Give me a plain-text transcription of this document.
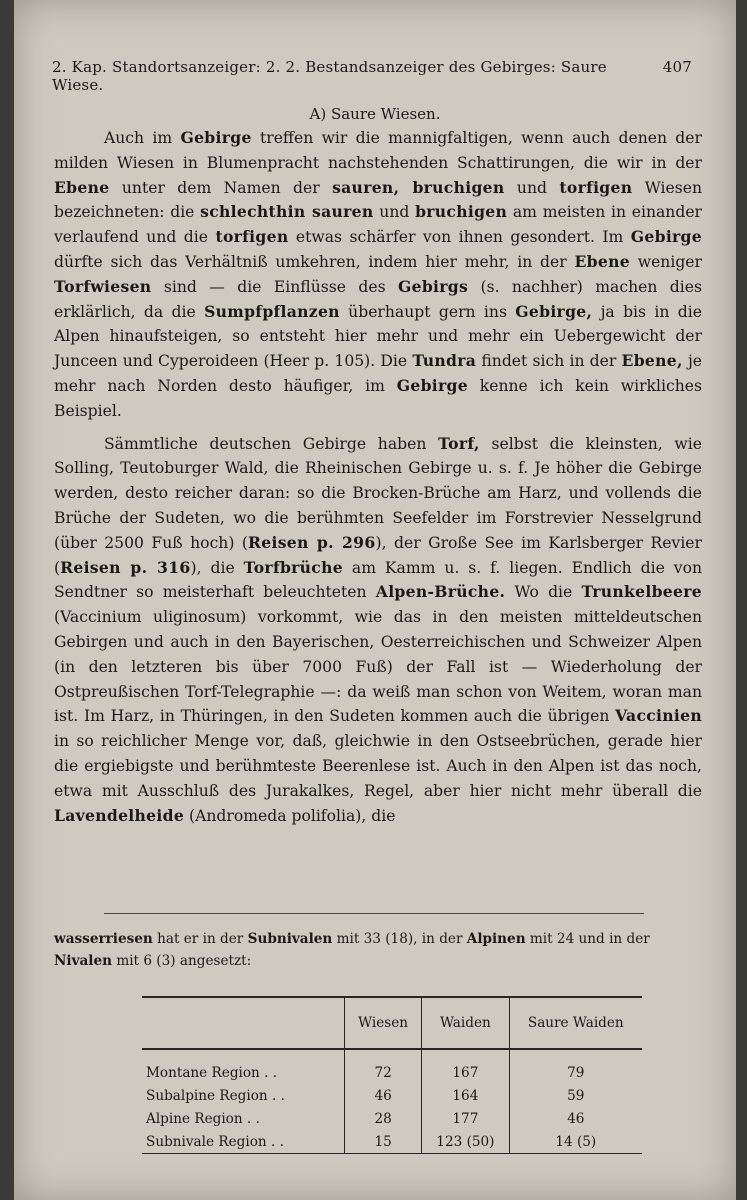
2. Kap. Standortsanzeiger: 2. 2. Bestandsanzeiger des Gebirges: Saure Wiese.
407
A) Saure Wiesen.

Auch im Gebirge treffen wir die mannigfaltigen, wenn auch denen der milden Wiesen in Blumenpracht nachstehenden Schattirungen, die wir in der Ebene unter dem Namen der sauren, bruchigen und torfigen Wiesen bezeichneten: die schlechthin sauren und bruchigen am meisten in einander verlaufend und die torfigen etwas schärfer von ihnen gesondert. Im Gebirge dürfte sich das Verhältniß umkehren, indem hier mehr, in der Ebene weniger Torfwiesen sind — die Einflüsse des Gebirgs (s. nachher) machen dies erklärlich, da die Sumpfpflanzen überhaupt gern ins Gebirge, ja bis in die Alpen hinaufsteigen, so entsteht hier mehr und mehr ein Uebergewicht der Junceen und Cyperoideen (Heer p. 105). Die Tundra findet sich in der Ebene, je mehr nach Norden desto häufiger, im Gebirge kenne ich kein wirkliches Beispiel.

Sämmtliche deutschen Gebirge haben Torf, selbst die kleinsten, wie Solling, Teutoburger Wald, die Rheinischen Gebirge u. s. f. Je höher die Gebirge werden, desto reicher daran: so die Brocken-Brüche am Harz, und vollends die Brüche der Sudeten, wo die berühmten Seefelder im Forstrevier Nesselgrund (über 2500 Fuß hoch) (Reisen p. 296), der Große See im Karlsberger Revier (Reisen p. 316), die Torfbrüche am Kamm u. s. f. liegen. Endlich die von Sendtner so meisterhaft beleuchteten Alpen-Brüche. Wo die Trunkelbeere (Vaccinium uliginosum) vorkommt, wie das in den meisten mitteldeutschen Gebirgen und auch in den Bayerischen, Oesterreichischen und Schweizer Alpen (in den letzteren bis über 7000 Fuß) der Fall ist — Wiederholung der Ostpreußischen Torf-Telegraphie —: da weiß man schon von Weitem, woran man ist. Im Harz, in Thüringen, in den Sudeten kommen auch die übrigen Vaccinien in so reichlicher Menge vor, daß, gleichwie in den Ostseebrüchen, gerade hier die ergiebigste und berühmteste Beerenlese ist. Auch in den Alpen ist das noch, etwa mit Ausschluß des Jurakalkes, Regel, aber hier nicht mehr überall die Lavendelheide (Andromeda polifolia), die

wasserriesen hat er in der Subnivalen mit 33 (18), in der Alpinen mit 24 und in der Nivalen mit 6 (3) angesetzt:

	Wiesen	Waiden	Saure Waiden
Montane Region . .	72	167	79
Subalpine Region . .	46	164	59
Alpine Region . .	28	177	46
Subnivale Region . .	15	123 (50)	14 (5)
